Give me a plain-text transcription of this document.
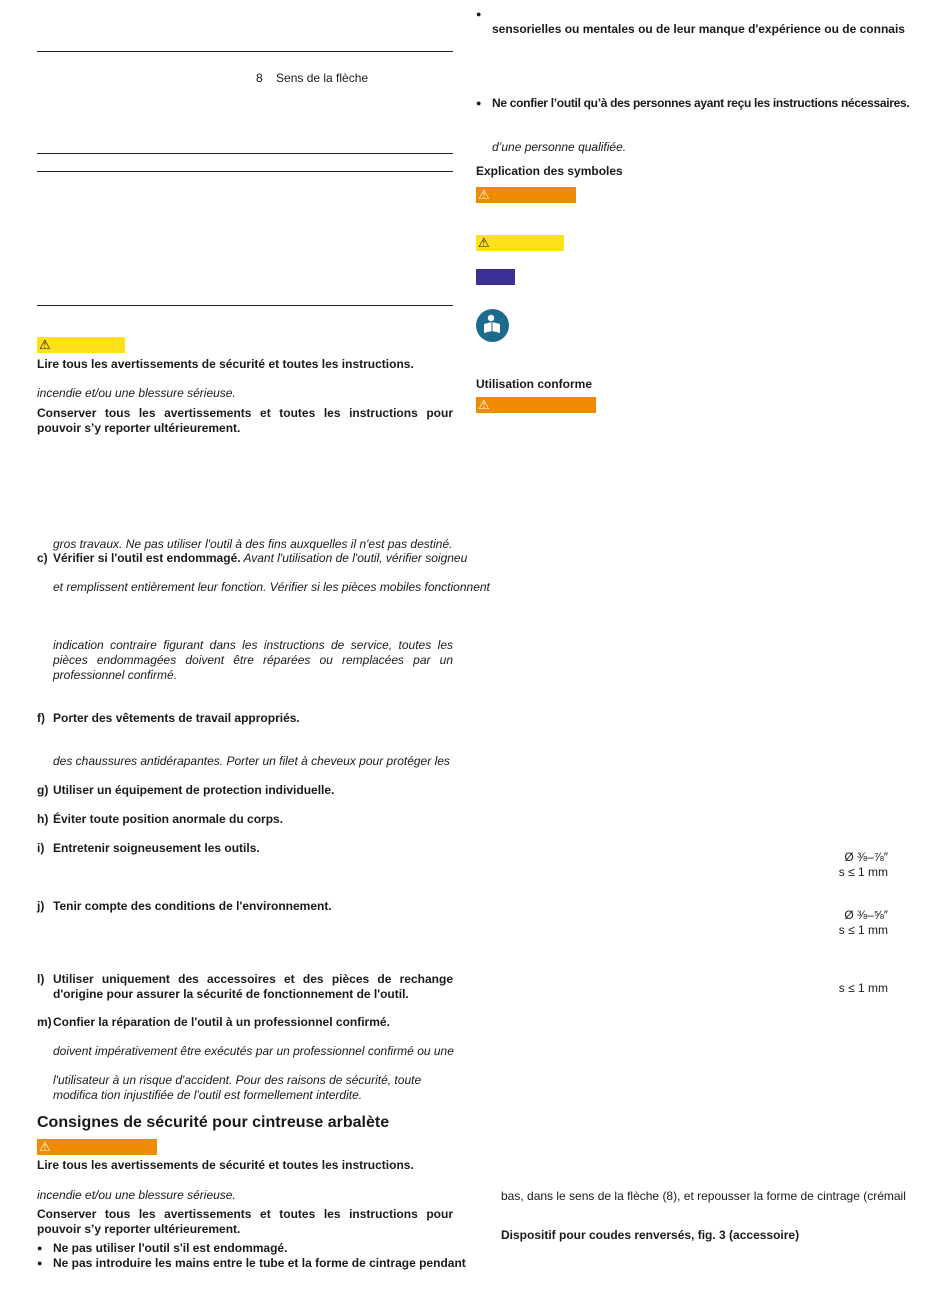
8    Sens de la flèche
⚠
Lire tous les avertissements de sécurité et toutes les instructions.
incendie et/ou une blessure sérieuse.
Conserver tous les avertissements et toutes les instructions pour pouvoir s’y reporter ultérieurement.
gros travaux. Ne pas utiliser l'outil à des fins auxquelles il n'est pas destiné.
c) Vérifier si l'outil est endommagé. Avant l'utilisation de l'outil, vérifier soigneu
et remplissent entièrement leur fonction. Vérifier si les pièces mobiles fonctionnent
indication contraire figurant dans les instructions de service, toutes les pièces endommagées doivent être réparées ou remplacées par un professionnel confirmé.
f) Porter des vêtements de travail appropriés.
des chaussures antidérapantes. Porter un filet à cheveux pour protéger les
g) Utiliser un équipement de protection individuelle.
h) Éviter toute position anormale du corps.
i) Entretenir soigneusement les outils.
j) Tenir compte des conditions de l'environnement.
l) Utiliser uniquement des accessoires et des pièces de rechange d'origine pour assurer la sécurité de fonctionnement de l'outil.
m) Confier la réparation de l'outil à un professionnel confirmé.
doivent impérativement être exécutés par un professionnel confirmé ou une
l'utilisateur à un risque d'accident. Pour des raisons de sécurité, toute modifica tion injustifiée de l'outil est formellement interdite.
Consignes de sécurité pour cintreuse arbalète
⚠
Lire tous les avertissements de sécurité et toutes les instructions.
incendie et/ou une blessure sérieuse.
Conserver tous les avertissements et toutes les instructions pour pouvoir s’y reporter ultérieurement.
● Ne pas utiliser l'outil s'il est endommagé.
● Ne pas introduire les mains entre le tube et la forme de cintrage pendant
●
sensorielles ou mentales ou de leur manque d'expérience ou de connais
● Ne confier l’outil qu’à des personnes ayant reçu les instructions nécessaires.
d’une personne qualifiée.
Explication des symboles
⚠
⚠
Utilisation conforme
⚠
Ø ⅜–⅞″
s ≤ 1 mm
Ø ⅜–⅝″
s ≤ 1 mm
s ≤ 1 mm
bas, dans le sens de la flèche (8), et repousser la forme de cintrage (crémail
Dispositif pour coudes renversés, fig. 3 (accessoire)
